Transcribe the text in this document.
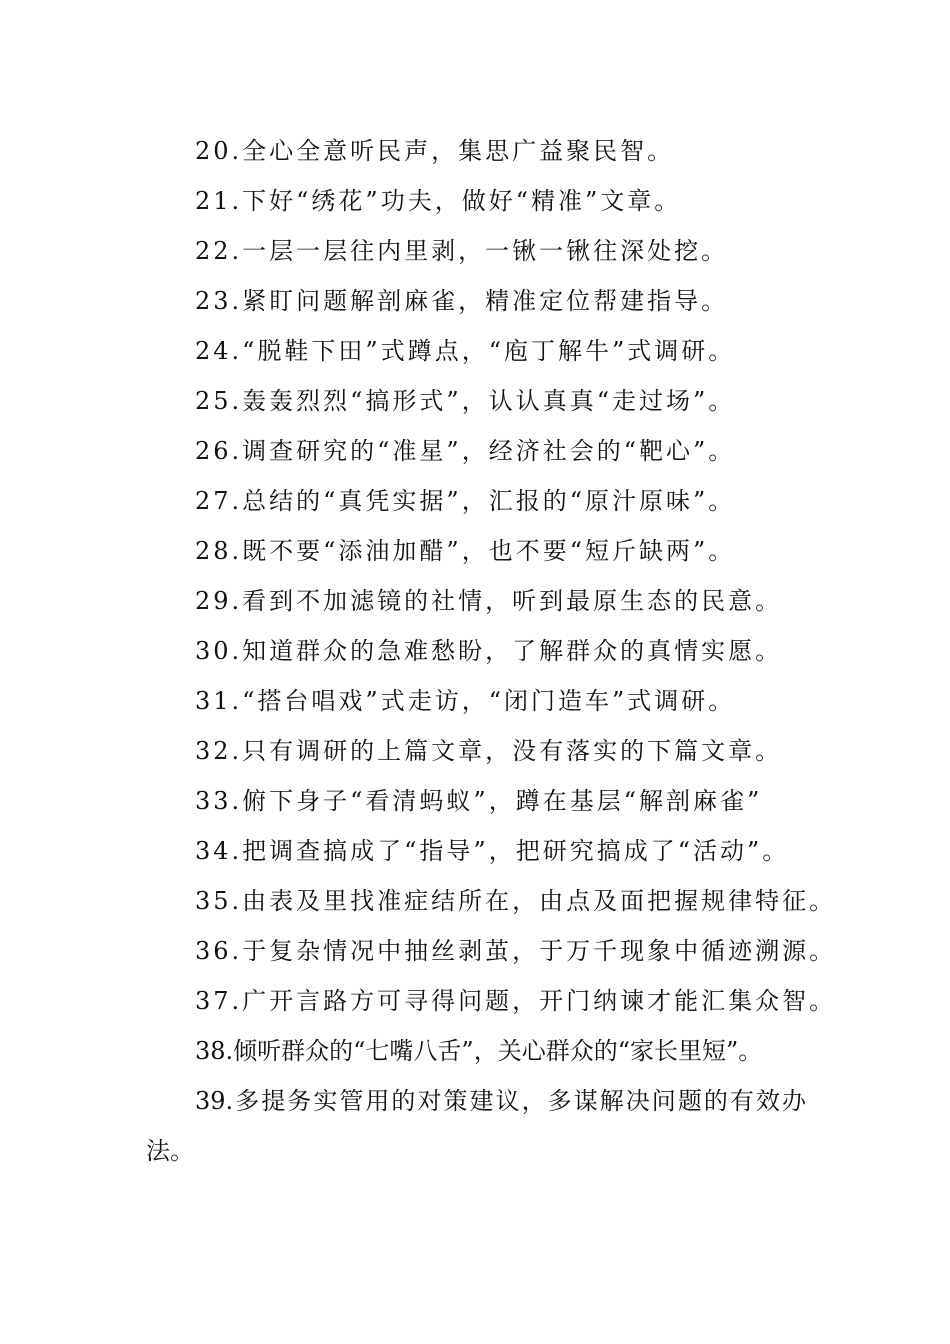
20.全心全意听民声，集思广益聚民智。

21.下好“绣花”功夫，做好“精准”文章。

22.一层一层往内里剥，一锹一锹往深处挖。

23.紧盯问题解剖麻雀，精准定位帮建指导。

24.“脱鞋下田”式蹲点，“庖丁解牛”式调研。

25.轰轰烈烈“搞形式”，认认真真“走过场”。

26.调查研究的“准星”，经济社会的“靶心”。

27.总结的“真凭实据”，汇报的“原汁原味”。

28.既不要“添油加醋”，也不要“短斤缺两”。

29.看到不加滤镜的社情，听到最原生态的民意。

30.知道群众的急难愁盼，了解群众的真情实愿。

31.“搭台唱戏”式走访，“闭门造车”式调研。

32.只有调研的上篇文章，没有落实的下篇文章。

33.俯下身子“看清蚂蚁”，蹲在基层“解剖麻雀”

34.把调查搞成了“指导”，把研究搞成了“活动”。

35.由表及里找准症结所在，由点及面把握规律特征。

36.于复杂情况中抽丝剥茧，于万千现象中循迹溯源。

37.广开言路方可寻得问题，开门纳谏才能汇集众智。

38.倾听群众的“七嘴八舌”，关心群众的“家长里短”。

39.多提务实管用的对策建议，多谋解决问题的有效办法。
